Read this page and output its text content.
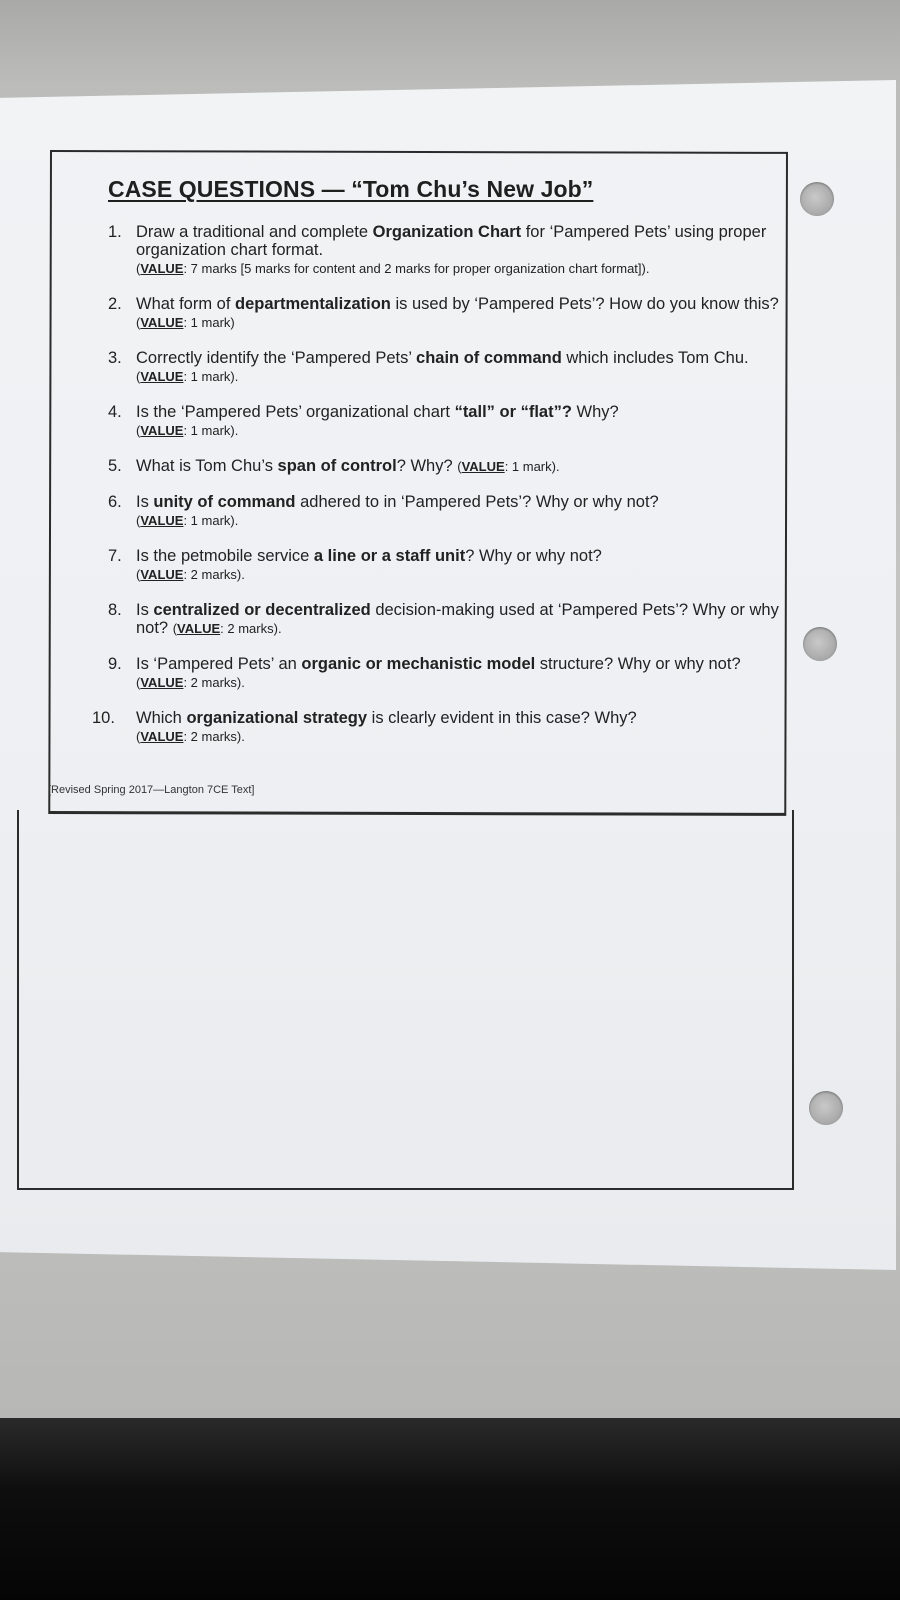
CASE QUESTIONS — “Tom Chu’s New Job”
1. Draw a traditional and complete Organization Chart for ‘Pampered Pets’ using proper organization chart format.
(VALUE: 7 marks [5 marks for content and 2 marks for proper organization chart format]).
2. What form of departmentalization is used by ‘Pampered Pets’? How do you know this? (VALUE: 1 mark)
3. Correctly identify the ‘Pampered Pets’ chain of command which includes Tom Chu. (VALUE: 1 mark).
4. Is the ‘Pampered Pets’ organizational chart “tall” or “flat”? Why?
(VALUE: 1 mark).
5. What is Tom Chu’s span of control? Why? (VALUE: 1 mark).
6. Is unity of command adhered to in ‘Pampered Pets’? Why or why not?
(VALUE: 1 mark).
7. Is the petmobile service a line or a staff unit? Why or why not?
(VALUE: 2 marks).
8. Is centralized or decentralized decision-making used at ‘Pampered Pets’? Why or why not? (VALUE: 2 marks).
9. Is ‘Pampered Pets’ an organic or mechanistic model structure? Why or why not? (VALUE: 2 marks).
10. Which organizational strategy is clearly evident in this case? Why?
(VALUE: 2 marks).
[Revised Spring 2017—Langton 7CE Text]
